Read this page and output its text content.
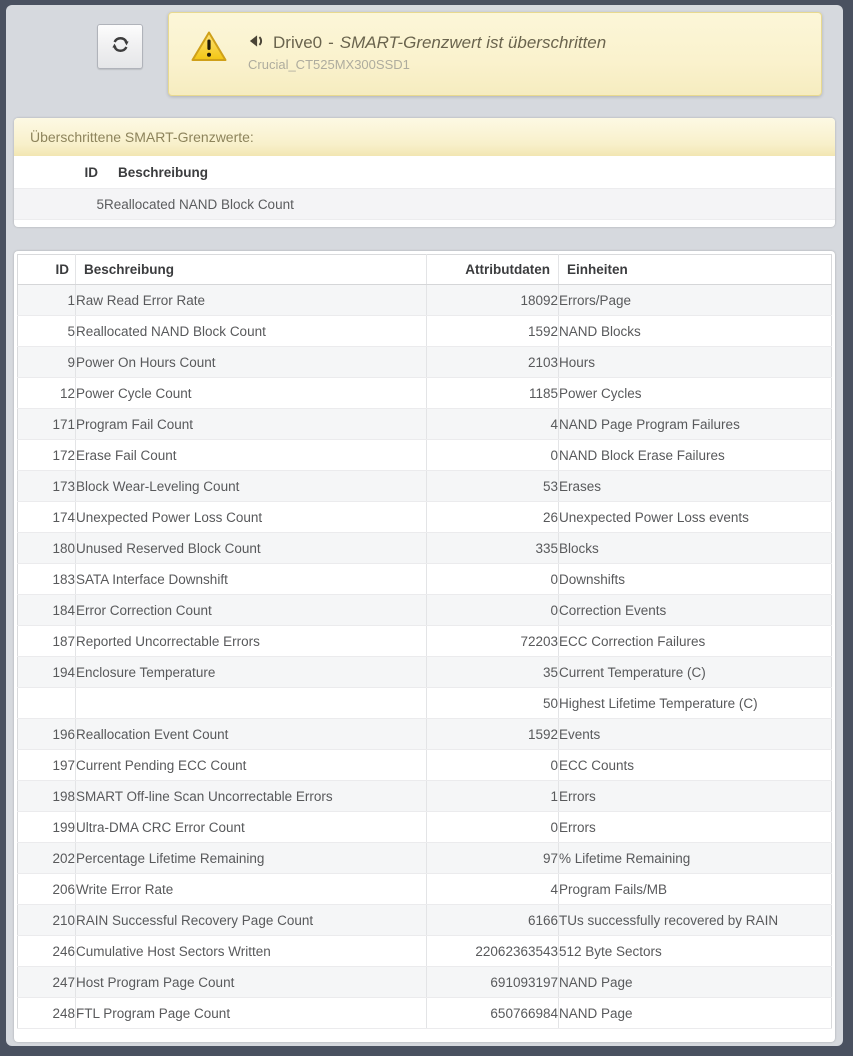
Drive0 - SMART-Grenzwert ist überschritten
Crucial_CT525MX300SSD1
Überschrittene SMART-Grenzwerte:
ID	Beschreibung
5	Reallocated NAND Block Count
ID	Beschreibung	Attributdaten	Einheiten
1	Raw Read Error Rate	18092	Errors/Page
5	Reallocated NAND Block Count	1592	NAND Blocks
9	Power On Hours Count	2103	Hours
12	Power Cycle Count	1185	Power Cycles
171	Program Fail Count	4	NAND Page Program Failures
172	Erase Fail Count	0	NAND Block Erase Failures
173	Block Wear-Leveling Count	53	Erases
174	Unexpected Power Loss Count	26	Unexpected Power Loss events
180	Unused Reserved Block Count	335	Blocks
183	SATA Interface Downshift	0	Downshifts
184	Error Correction Count	0	Correction Events
187	Reported Uncorrectable Errors	72203	ECC Correction Failures
194	Enclosure Temperature	35	Current Temperature (C)
		50	Highest Lifetime Temperature (C)
196	Reallocation Event Count	1592	Events
197	Current Pending ECC Count	0	ECC Counts
198	SMART Off-line Scan Uncorrectable Errors	1	Errors
199	Ultra-DMA CRC Error Count	0	Errors
202	Percentage Lifetime Remaining	97	% Lifetime Remaining
206	Write Error Rate	4	Program Fails/MB
210	RAIN Successful Recovery Page Count	6166	TUs successfully recovered by RAIN
246	Cumulative Host Sectors Written	22062363543	512 Byte Sectors
247	Host Program Page Count	691093197	NAND Page
248	FTL Program Page Count	650766984	NAND Page
